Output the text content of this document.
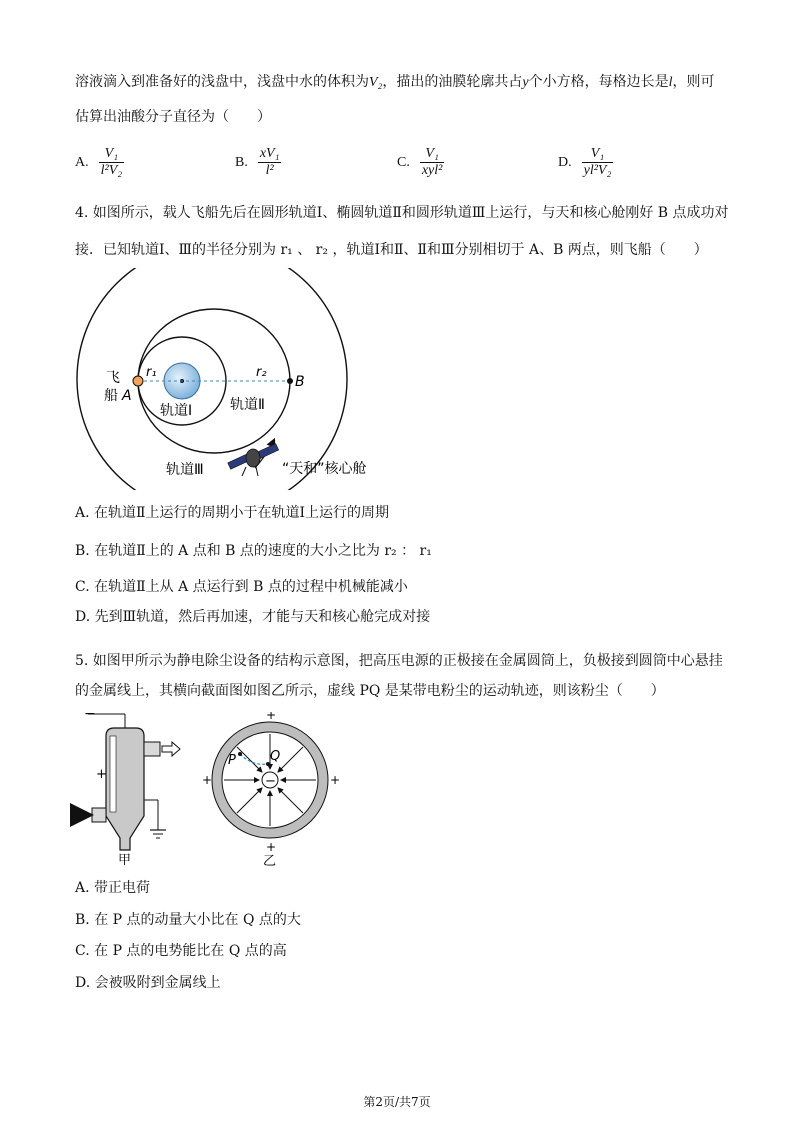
溶液滴入到准备好的浅盘中，浅盘中水的体积为V₂，描出的油膜轮廓共占y个小方格，每格边长是l，则可
估算出油酸分子直径为（　　）
A. $\frac{\text{V₁}}{\text{l²V₂}}$	B. $\frac{\text{xV₁}}{\text{l²}}$	C. $\frac{\text{V₁}}{\text{xyl²}}$	D. $\frac{\text{V₁}}{\text{yl²V₂}}$
4. 如图所示，载人飞船先后在圆形轨道Ⅰ、椭圆轨道Ⅱ和圆形轨道Ⅲ上运行，与天和核心舱刚好 B 点成功对
接．已知轨道Ⅰ、Ⅲ的半径分别为 r₁ 、 r₂ ，轨道Ⅰ和Ⅱ、Ⅱ和Ⅲ分别相切于 A、B 两点，则飞船（　　）
飞
船 A
B
r₁	r₂
轨道Ⅰ	轨道Ⅱ
轨道Ⅲ	“天和”核心舱
A. 在轨道Ⅱ上运行的周期小于在轨道Ⅰ上运行的周期
B. 在轨道Ⅱ上的 A 点和 B 点的速度的大小之比为 r₂ ： r₁
C. 在轨道Ⅱ上从 A 点运行到 B 点的过程中机械能减小
D. 先到Ⅲ轨道，然后再加速，才能与天和核心舱完成对接
5. 如图甲所示为静电除尘设备的结构示意图，把高压电源的正极接在金属圆筒上，负极接到圆筒中心悬挂
的金属线上，其横向截面图如图乙所示，虚线 PQ 是某带电粉尘的运动轨迹，则该粉尘（　　）
−
+
甲
−
P	Q
+
+	+
+
乙
A. 带正电荷
B. 在 P 点的动量大小比在 Q 点的大
C. 在 P 点的电势能比在 Q 点的高
D. 会被吸附到金属线上
第2页/共7页
